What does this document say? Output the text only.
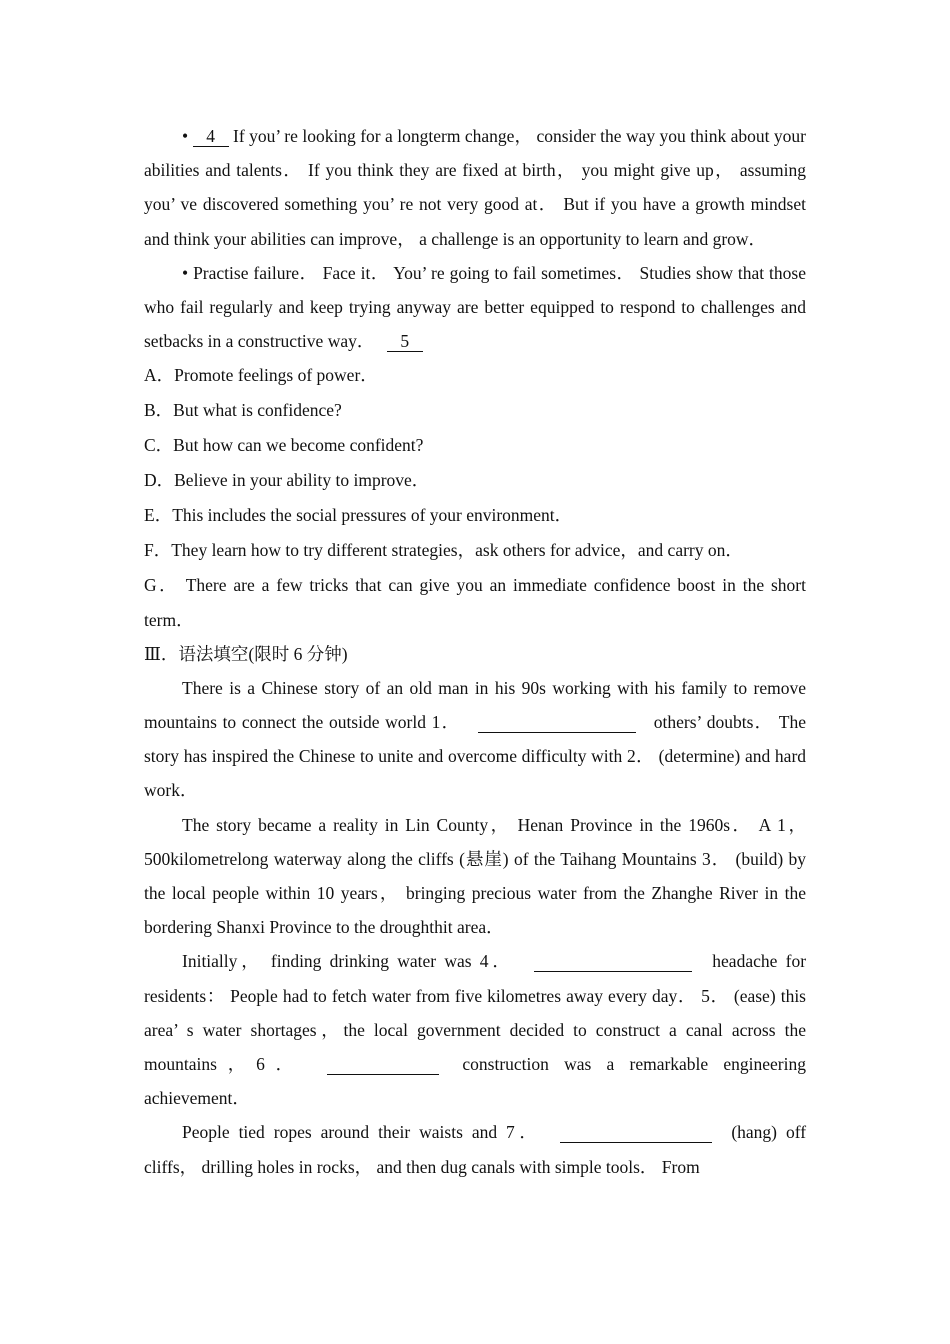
• 4 If you’ re looking for a longterm change， consider the way you think about your abilities and talents． If you think they are fixed at birth， you might give up， assuming you’ ve discovered something you’ re not very good at． But if you have a growth mindset and think your abilities can improve， a challenge is an opportunity to learn and grow．

• Practise failure． Face it． You’ re going to fail sometimes． Studies show that those who fail regularly and keep trying anyway are better equipped to respond to challenges and setbacks in a constructive way． 5

A．Promote feelings of power．

B．But what is confidence?

C．But how can we become confident?

D．Believe in your ability to improve．

E．This includes the social pressures of your environment．

F．They learn how to try different strategies，ask others for advice，and carry on．

G． There are a few tricks that can give you an immediate confidence boost in the short term．

Ⅲ．语法填空(限时 6 分钟)

There is a Chinese story of an old man in his 90s working with his family to remove mountains to connect the outside world 1．	others’ doubts． The story has inspired the Chinese to unite and overcome difficulty with 2． (determine) and hard work．

The story became a reality in Lin County， Henan Province in the 1960s． A 1，500kilometrelong waterway along the cliffs (悬崖) of the Taihang Mountains 3． (build) by the local people within 10 years， bringing precious water from the Zhanghe River in the bordering Shanxi Province to the droughthit area．

Initially， finding drinking water was 4．	headache for residents： People had to fetch water from five kilometres away every day． 5． (ease) this area’ s water shortages，the local government decided to construct a canal across the mountains，6．	construction was a remarkable engineering achievement．

People tied ropes around their waists and 7．	(hang) off cliffs， drilling holes in rocks， and then dug canals with simple tools． From
